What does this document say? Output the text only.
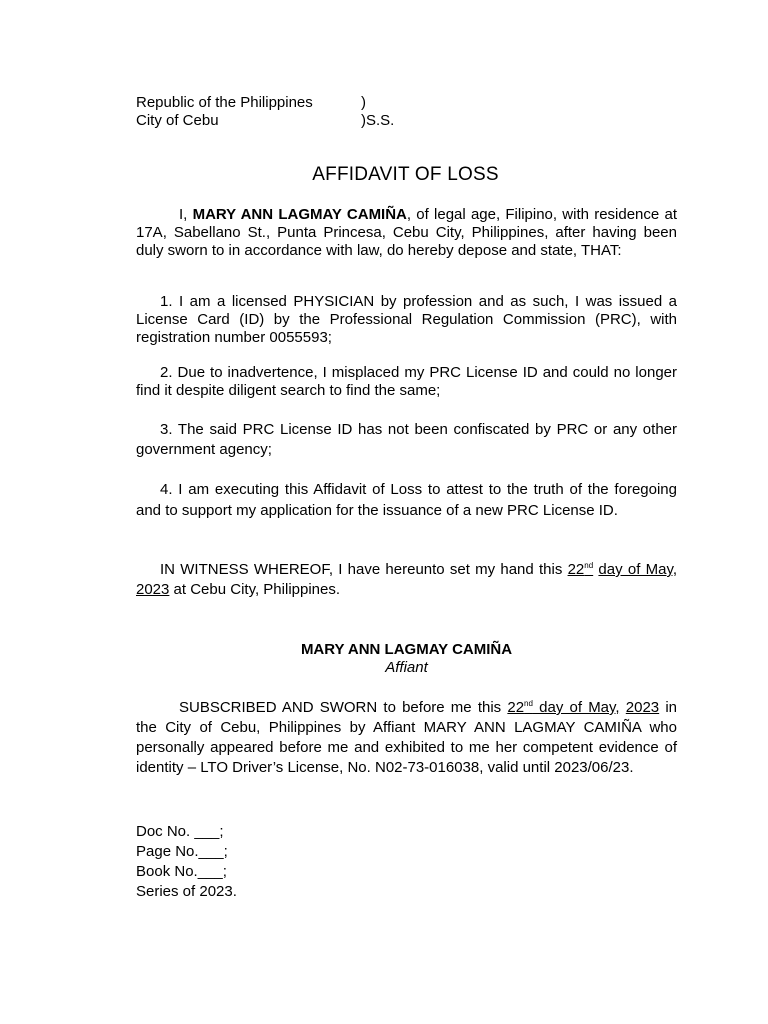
Republic of the Philippines	)
City of Cebu	)S.S.
AFFIDAVIT OF LOSS

I, MARY ANN LAGMAY CAMIÑA, of legal age, Filipino, with residence at 17A, Sabellano St., Punta Princesa, Cebu City, Philippines, after having been duly sworn to in accordance with law, do hereby depose and state, THAT:

1. I am a licensed PHYSICIAN by profession and as such, I was issued a License Card (ID) by the Professional Regulation Commission (PRC), with registration number 0055593;

2. Due to inadvertence, I misplaced my PRC License ID and could no longer find it despite diligent search to find the same;

3. The said PRC License ID has not been confiscated by PRC or any other government agency;

4. I am executing this Affidavit of Loss to attest to the truth of the foregoing and to support my application for the issuance of a new PRC License ID.

IN WITNESS WHEREOF, I have hereunto set my hand this 22nd day of May, 2023 at Cebu City, Philippines.

MARY ANN LAGMAY CAMIÑA
Affiant

SUBSCRIBED AND SWORN to before me this 22nd day of May, 2023 in the City of Cebu, Philippines by Affiant MARY ANN LAGMAY CAMIÑA who personally appeared before me and exhibited to me her competent evidence of identity – LTO Driver’s License, No. N02-73-016038, valid until 2023/06/23.

Doc No. ___;
Page No.___;
Book No.___;
Series of 2023.
